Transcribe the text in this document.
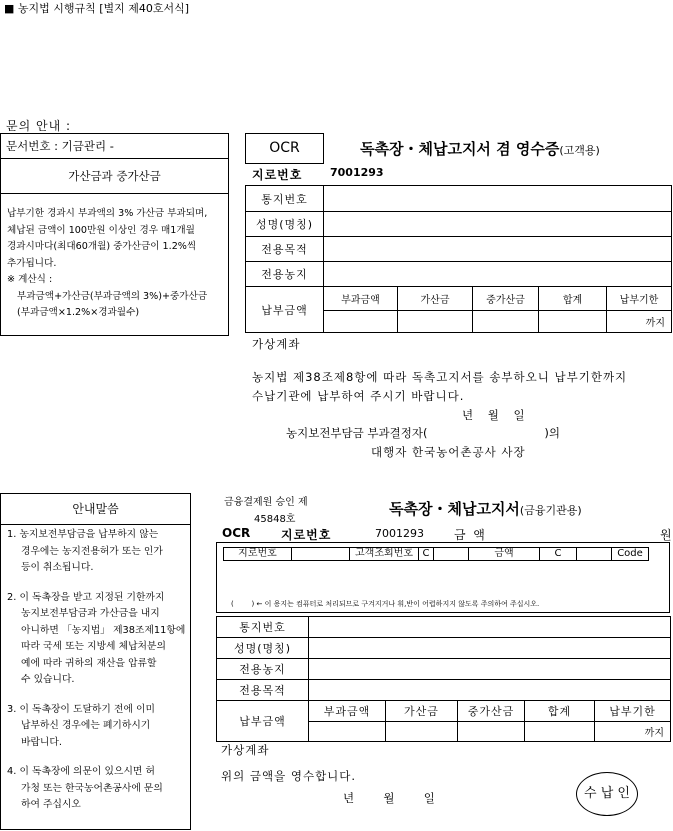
■ 농지법 시행규칙 [별지 제40호서식]
문의 안내 :
문서번호 : 기금관리 -
가산금과 중가산금
납부기한 경과시 부과액의 3% 가산금 부과되며,
체납된 금액이 100만원 이상인 경우 매1개월
경과시마다(최대60개월) 중가산금이 1.2%씩
추가됩니다.
※ 계산식 :
부과금액+가산금(부과금액의 3%)+중가산금
(부과금액×1.2%×경과월수)
OCR	독촉장・체납고지서 겸 영수증(고객용)
지로번호	7001293
통지번호					
성명(명칭)					
전용목적					
전용농지					
납부금액	부과금액	가산금	중가산금	합계	납부기한
					까지
가상계좌
농지법 제38조제8항에 따라 독촉고지서를 송부하오니 납부기한까지
수납기관에 납부하여 주시기 바랍니다.
년    월    일
농지보전부담금 부과결정자(                                )의
대행자 한국농어촌공사 사장
안내말씀
1. 농지보전부담금을 납부하지 않는
경우에는 농지전용허가 또는 인가
등이 취소됩니다.
2. 이 독촉장을 받고 지정된 기한까지
농지보전부담금과 가산금을 내지
아니하면 「농지법」 제38조제11항에
따라 국세 또는 지방세 체납처분의
예에 따라 귀하의 재산을 압류할
수 있습니다.
3. 이 독촉장이 도달하기 전에 이미
납부하신 경우에는 폐기하시기
바랍니다.
4. 이 독촉장에 의문이 있으시면 허
가청 또는 한국농어촌공사에 문의
하여 주십시오
금융결제원 승인 제
45848호
독촉장・체납고지서(금융기관용)
OCR	지로번호	7001293	금  액	원
지로번호	고객조회번호 C	금액	C	Code
(        ) ← 이 용지는 컴퓨터로 처리되므로 구겨지거나 휘,반이 어렵하지지 않도록 주의하여 주십시오.
통지번호					
성명(명칭)					
전용농지					
전용목적					
납부금액	부과금액	가산금	중가산금	합계	납부기한
					까지
가상계좌
위의 금액을 영수합니다.
년        월        일	수 납 인
